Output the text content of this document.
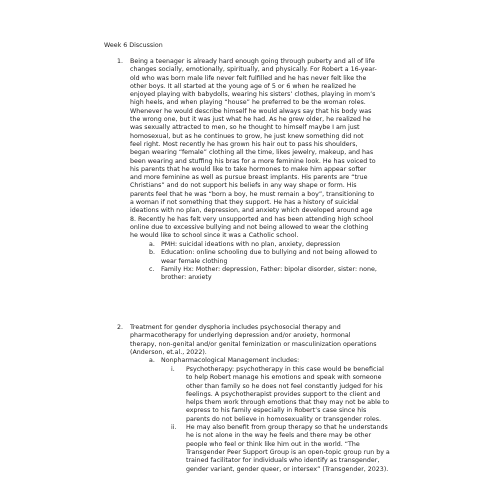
Week 6 Discussion
1. Being a teenager is already hard enough going through puberty and all of life
changes socially, emotionally, spiritually, and physically. For Robert a 16-year-
old who was born male life never felt fulfilled and he has never felt like the
other boys. It all started at the young age of 5 or 6 when he realized he
enjoyed playing with babydolls, wearing his sisters’ clothes, playing in mom’s
high heels, and when playing “house” he preferred to be the woman roles.
Whenever he would describe himself he would always say that his body was
the wrong one, but it was just what he had. As he grew older, he realized he
was sexually attracted to men, so he thought to himself maybe I am just
homosexual, but as he continues to grow, he just knew something did not
feel right. Most recently he has grown his hair out to pass his shoulders,
began wearing “female” clothing all the time, likes jewelry, makeup, and has
been wearing and stuffing his bras for a more feminine look. He has voiced to
his parents that he would like to take hormones to make him appear softer
and more feminine as well as pursue breast implants. His parents are “true
Christians” and do not support his beliefs in any way shape or form. His
parents feel that he was “born a boy, he must remain a boy”, transitioning to
a woman if not something that they support. He has a history of suicidal
ideations with no plan, depression, and anxiety which developed around age
8. Recently he has felt very unsupported and has been attending high school
online due to excessive bullying and not being allowed to wear the clothing
he would like to school since it was a Catholic school.
a. PMH: suicidal ideations with no plan, anxiety, depression
b. Education: online schooling due to bullying and not being allowed to
wear female clothing
c. Family Hx: Mother: depression, Father: bipolar disorder, sister: none,
brother: anxiety
2. Treatment for gender dysphoria includes psychosocial therapy and
pharmacotherapy for underlying depression and/or anxiety, hormonal
therapy, non-genital and/or genital feminization or masculinization operations
(Anderson, et.al., 2022).
a. Nonpharmacological Management includes:
i. Psychotherapy: psychotherapy in this case would be beneficial
to help Robert manage his emotions and speak with someone
other than family so he does not feel constantly judged for his
feelings. A psychotherapist provides support to the client and
helps them work through emotions that they may not be able to
express to his family especially in Robert’s case since his
parents do not believe in homosexuality or transgender roles.
ii. He may also benefit from group therapy so that he understands
he is not alone in the way he feels and there may be other
people who feel or think like him out in the world. “The
Transgender Peer Support Group is an open-topic group run by a
trained facilitator for individuals who identify as transgender,
gender variant, gender queer, or intersex” (Transgender, 2023).
